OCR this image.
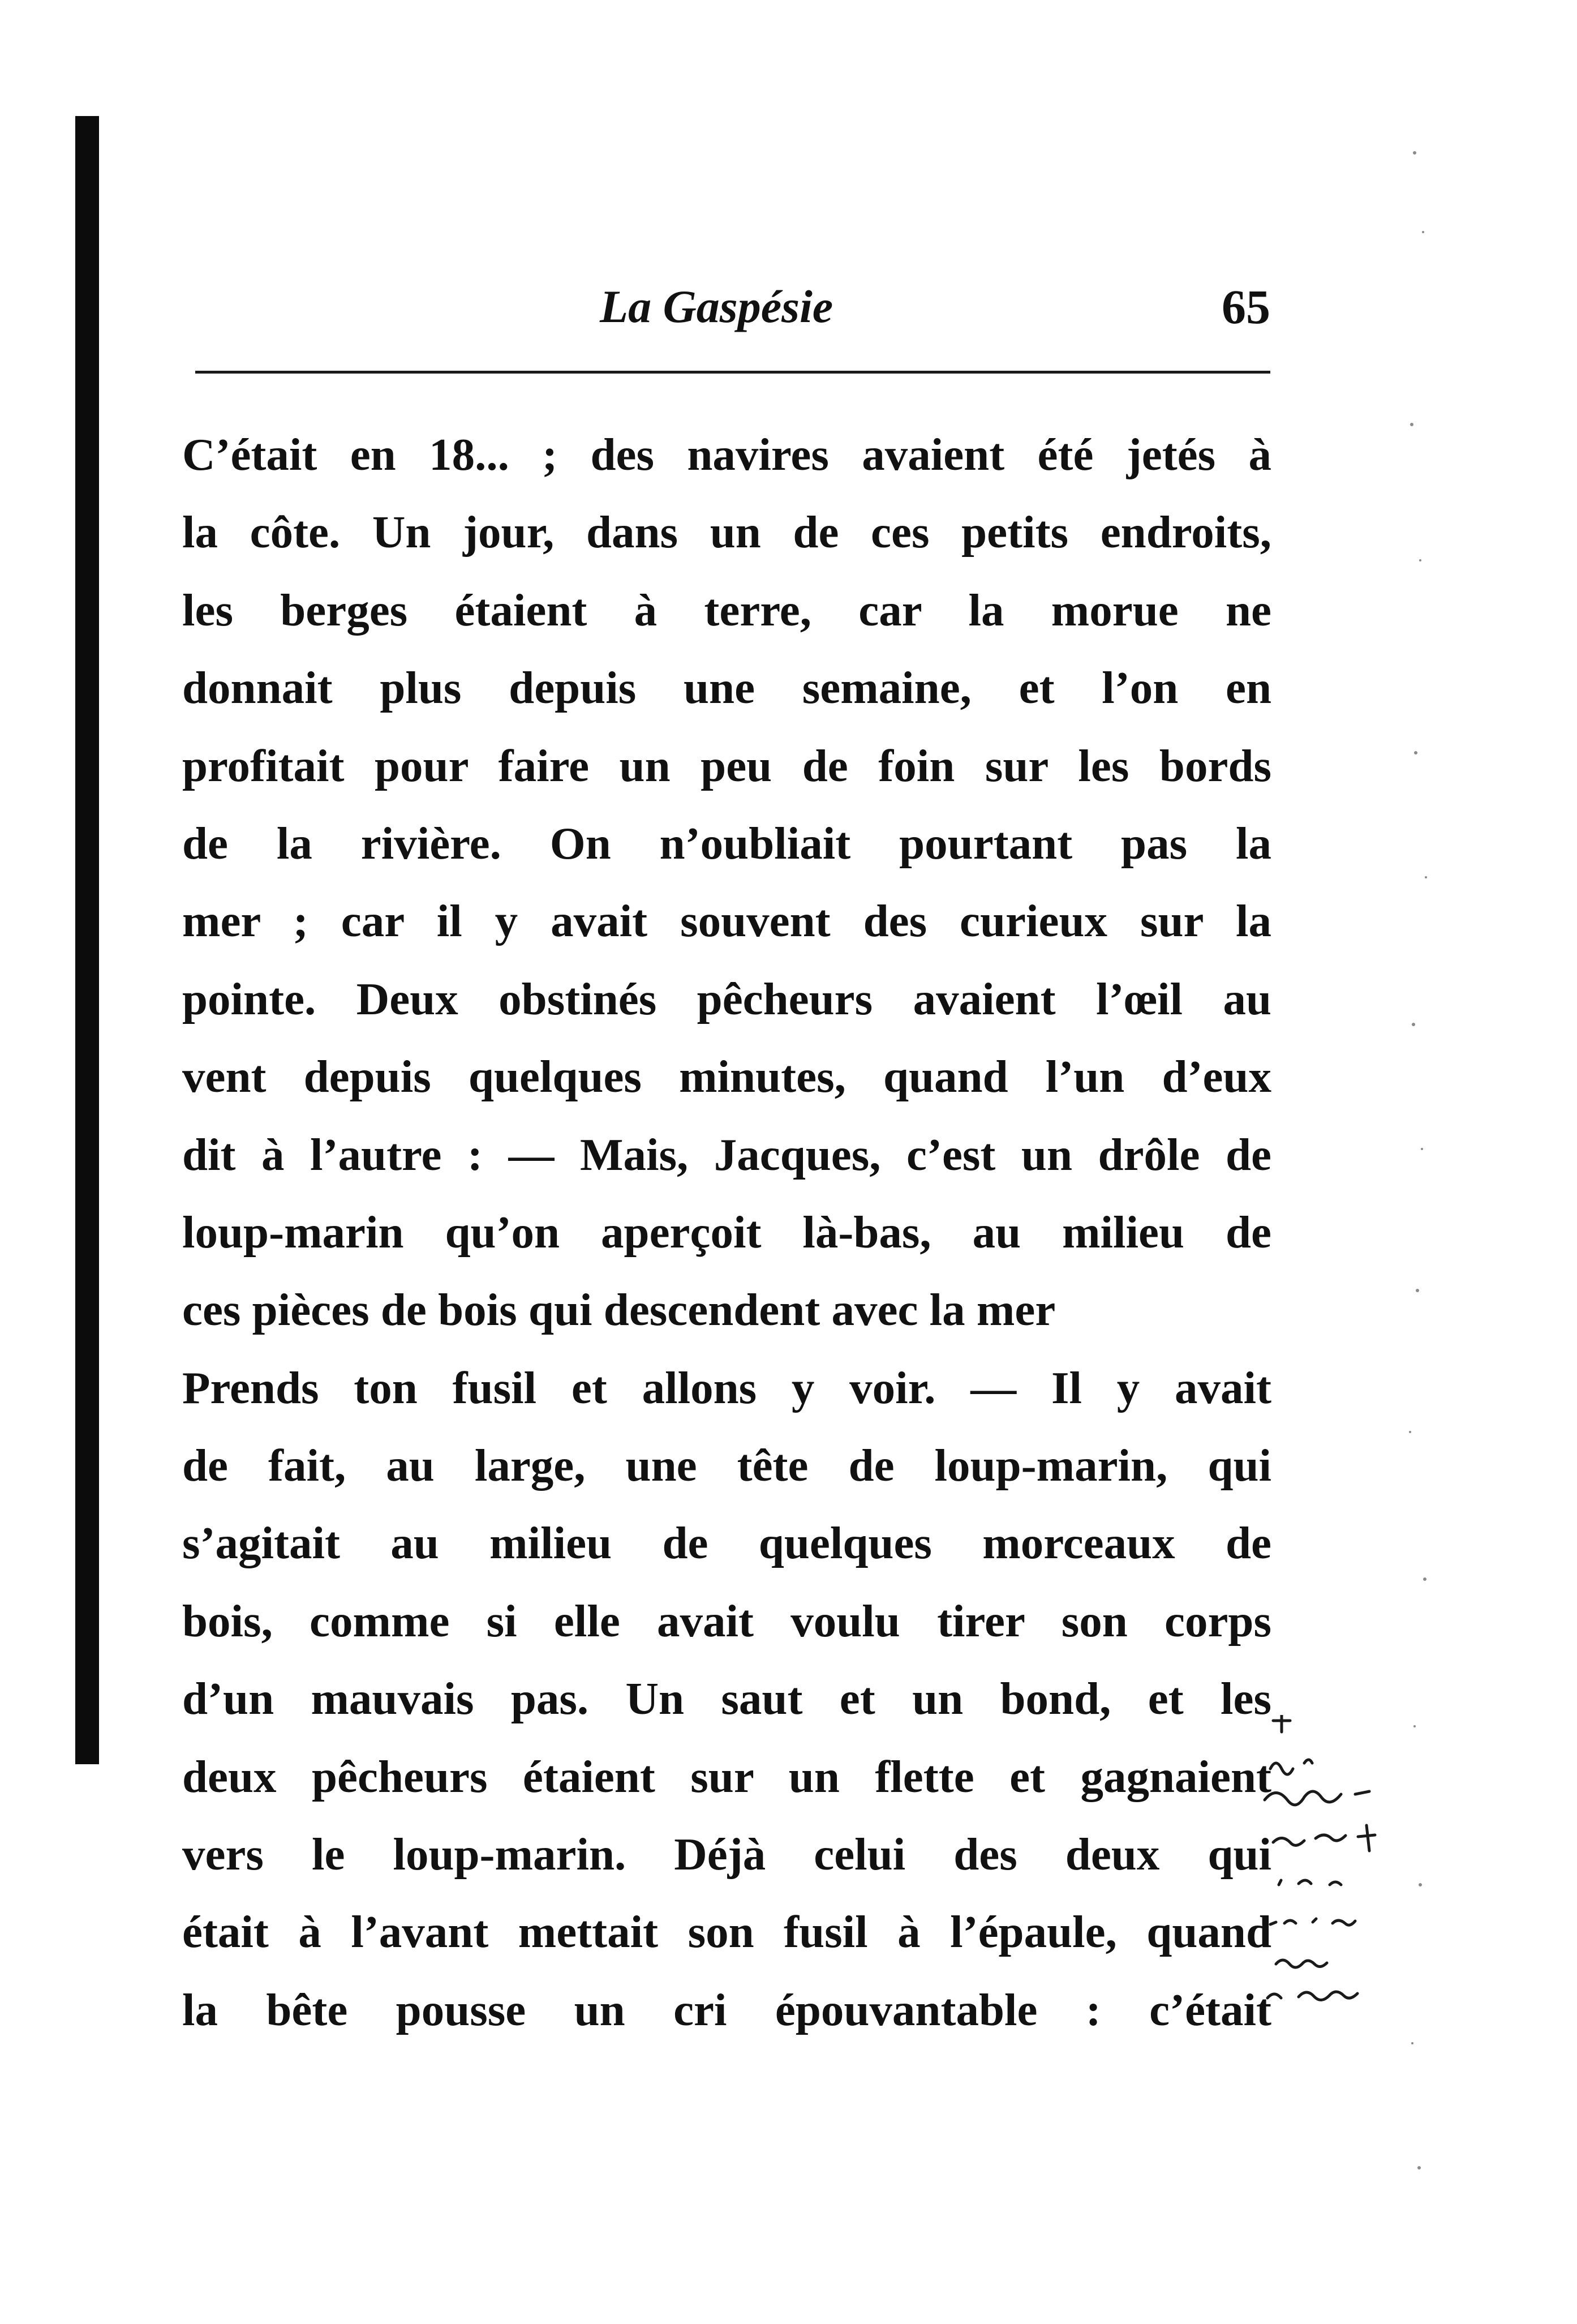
La Gaspésie	65
C’était en 18... ; des navires avaient été jetés à
la côte. Un jour, dans un de ces petits endroits,
les berges étaient à terre, car la morue ne
donnait plus depuis une semaine, et l’on en
profitait pour faire un peu de foin sur les bords
de la rivière. On n’oubliait pourtant pas la
mer ; car il y avait souvent des curieux sur la
pointe. Deux obstinés pêcheurs avaient l’œil au
vent depuis quelques minutes, quand l’un d’eux
dit à l’autre : — Mais, Jacques, c’est un drôle de
loup-marin qu’on aperçoit là-bas, au milieu de
ces pièces de bois qui descendent avec la mer
Prends ton fusil et allons y voir. — Il y avait
de fait, au large, une tête de loup-marin, qui
s’agitait au milieu de quelques morceaux de
bois, comme si elle avait voulu tirer son corps
d’un mauvais pas. Un saut et un bond, et les
deux pêcheurs étaient sur un flette et gagnaient
vers le loup-marin. Déjà celui des deux qui
était à l’avant mettait son fusil à l’épaule, quand
la bête pousse un cri épouvantable : c’était
